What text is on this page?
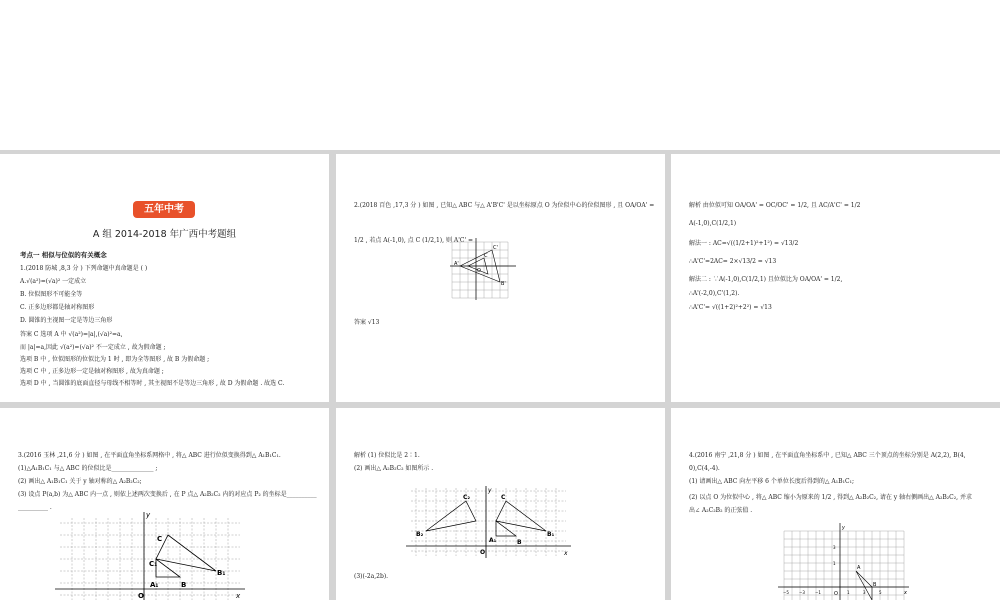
五年中考
A 组 2014-2018 年广西中考题组
考点一 相似与位似的有关概念
1.(2018 防城 ,8,3 分 ) 下列命题中真命题是 ( )
A.√(a²)=(√a)² 一定成立
B. 位似图形不可能全等
C. 正多边形都是轴对称图形
D. 圆锥的主视图一定是等边三角形
答案 C 选项 A 中 √(a²)=|a|,(√a)²=a,
而 |a|=a,因此 √(a²)=(√a)² 不一定成立 , 故为假命题 ;
选项 B 中 , 位似图形的位似比为 1 时 , 即为全等图形 , 故 B 为假命题 ;
选项 C 中 , 正多边形一定是轴对称图形 , 故为真命题 ;
选项 D 中 , 当圆锥的底面直径与母线不相等时 , 其主视图不是等边三角形 , 故 D 为假命题 . 故选 C.
2.(2018 百色 ,17,3 分 ) 如图 , 已知△ ABC 与△ A'B'C' 是以坐标原点 O 为位似中心的位似图形 , 且 OA/OA' =
1/2 , 若点 A(-1,0), 点 C (1/2,1), 则 A'C' =
C'
C
B'
A'
O
答案 √13
解析 由位似可知 OA/OA' = OC/OC' = 1/2, 且 AC/A'C' = 1/2
A(-1,0),C(1/2,1)
解法一 : AC=√((1/2+1)²+1²) = √13/2
∴A'C'=2AC= 2×√13/2 = √13
解法二 : ∵A(-1,0),C(1/2,1) 且位似比为 OA/OA' = 1/2,
∴A'(-2,0),C'(1,2).
∴A'C'= √((1+2)²+2²) = √13
3.(2016 玉林 ,21,6 分 ) 如图 , 在平面直角坐标系网格中 , 将△ ABC 进行位似变换得到△ A₁B₁C₁.
(1)△A₁B₁C₁ 与△ ABC 的位似比是______________ ;
(2) 画出△ A₁B₁C₁ 关于 y 轴对称的△ A₂B₂C₂;
(3) 设点 P(a,b) 为△ ABC 内一点 , 则依上述两次变换后 , 在 P 点△ A₂B₂C₂ 内的对应点 P₂ 的坐标是__________
__________ .
y
x
C
C₁
B₁
A₁	B
O
解析 (1) 位似比是 2∶1.
(2) 画出△ A₂B₂C₂ 如图所示 .
y
x
C
C₂
B₁
B₂
A₁	B
O
(3)(-2a,2b).
4.(2016 南宁 ,21,8 分 ) 如图 , 在平面直角坐标系中 , 已知△ ABC 三个顶点的坐标分别是 A(2,2), B(4,
0),C(4,-4).
(1) 请画出△ ABC 向左平移 6 个单位长度后得到的△ A₁B₁C₁;
(2) 以点 O 为位似中心 , 将△ ABC 缩小为原来的 1/2 , 得到△ A₂B₂C₂, 请在 y 轴右侧画出△ A₂B₂C₂, 并求
出∠ A₂C₂B₂ 的正弦值 .
y
x
A
B
O
3
1
−5	−3	−1	1	3	5
